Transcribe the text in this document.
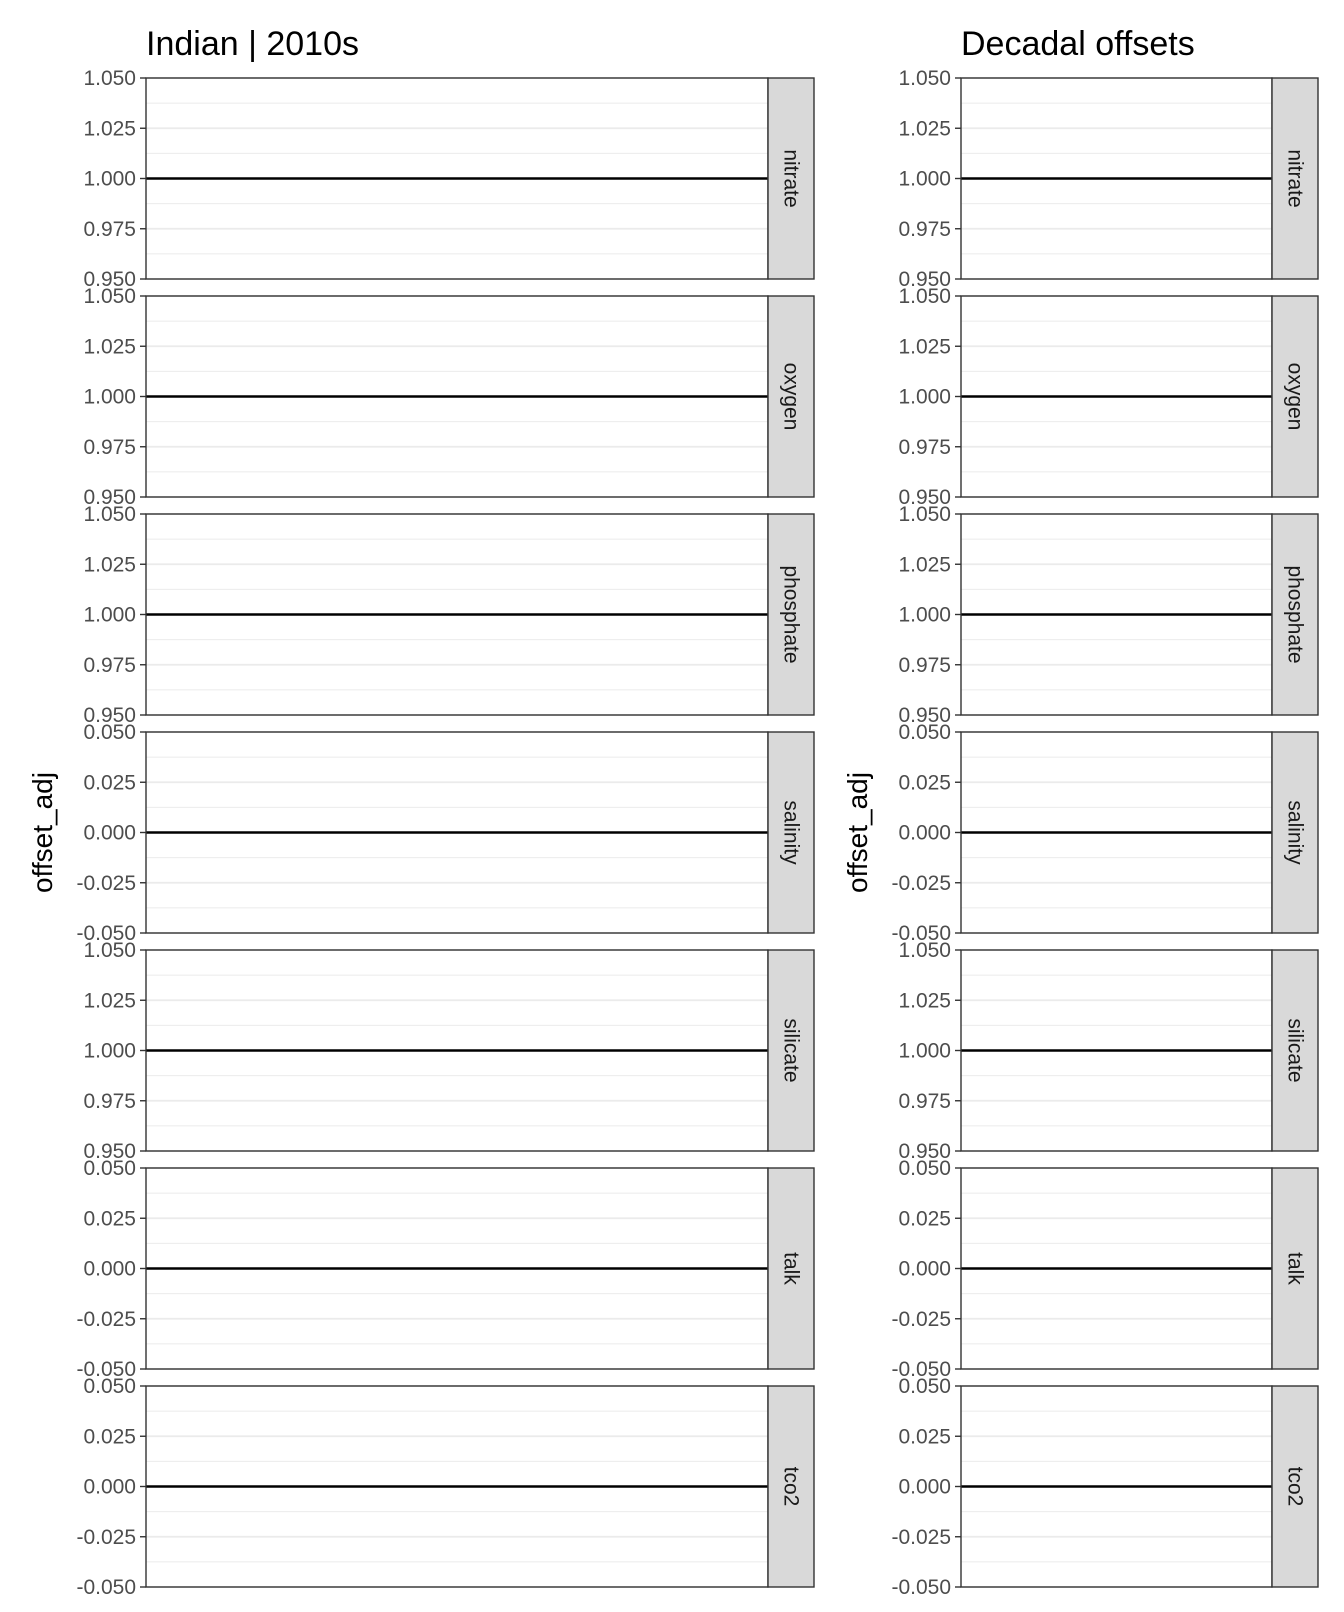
Indian | 2010s
offset_adj
1.050
1.025
1.000
0.975
0.950
nitrate
1.050
1.025
1.000
0.975
0.950
oxygen
1.050
1.025
1.000
0.975
0.950
phosphate
0.050
0.025
0.000
-0.025
-0.050
salinity
1.050
1.025
1.000
0.975
0.950
silicate
0.050
0.025
0.000
-0.025
-0.050
talk
0.050
0.025
0.000
-0.025
-0.050
tco2
Decadal offsets
offset_adj
1.050
1.025
1.000
0.975
0.950
nitrate
1.050
1.025
1.000
0.975
0.950
oxygen
1.050
1.025
1.000
0.975
0.950
phosphate
0.050
0.025
0.000
-0.025
-0.050
salinity
1.050
1.025
1.000
0.975
0.950
silicate
0.050
0.025
0.000
-0.025
-0.050
talk
0.050
0.025
0.000
-0.025
-0.050
tco2
